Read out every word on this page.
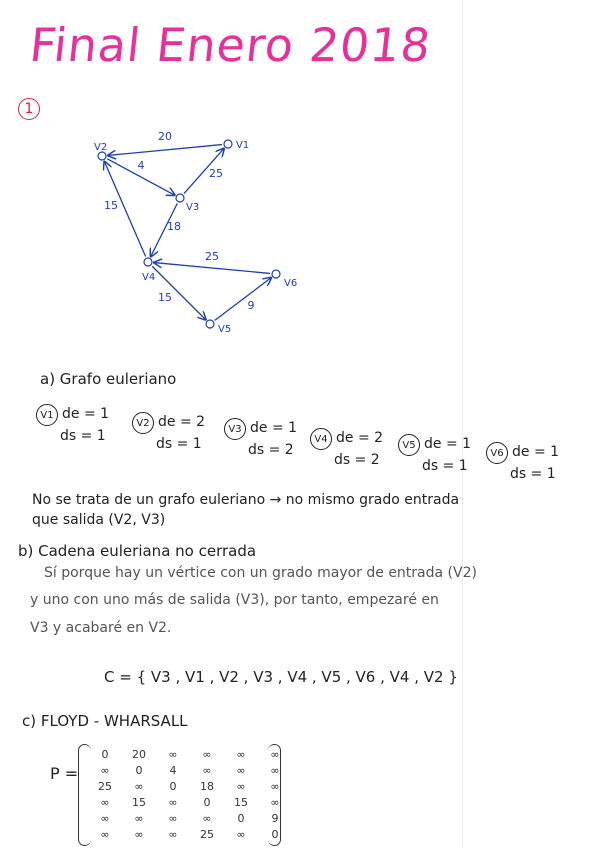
Final Enero 2018
1
20
4
25
18
15
25
15
9
V2	V1
V3
V4
V6
V5
a) Grafo euleriano
V1 de = 1
ds = 1
V2 de = 2
ds = 1
V3 de = 1
ds = 2
V4 de = 2
ds = 2
V5 de = 1
ds = 1
V6 de = 1
ds = 1
No se trata de un grafo euleriano → no mismo grado entrada
que salida (V2, V3)
b) Cadena euleriana no cerrada
Sí porque hay un vértice con un grado mayor de entrada (V2)
y uno con uno más de salida (V3), por tanto, empezaré en
V3 y acabaré en V2.
C = { V3 , V1 , V2 , V3 , V4 , V5 , V6 , V4 , V2 }
c) FLOYD - WHARSALL
P =
0	20	∞	∞	∞	∞
∞	0	4	∞	∞	∞
25	∞	0	18	∞	∞
∞	15	∞	0	15	∞
∞	∞	∞	∞	0	9
∞	∞	∞	25	∞	0
